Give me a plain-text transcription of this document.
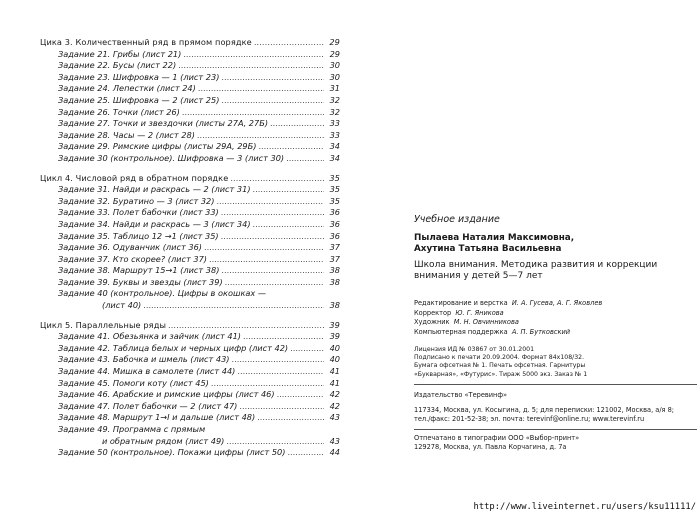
Цика 3. Количественный ряд в прямом порядке .....	29
Задание 21. Грибы (лист 21) .....	29
Задание 22. Бусы (лист 22) .....	30
Задание 23. Шифровка — 1 (лист 23) .....	30
Задание 24. Лепестки (лист 24) .....	31
Задание 25. Шифровка — 2 (лист 25) .....	32
Задание 26. Точки (лист 26) .....	32
Задание 27. Точки и звездочки (листы 27А, 27Б) .....	33
Задание 28. Часы — 2 (лист 28) .....	33
Задание 29. Римские цифры (листы 29А, 29Б) .....	34
Задание 30 (контрольное). Шифровка — 3 (лист 30) .....	34
Цикл 4. Числовой ряд в обратном порядке .....	35
Задание 31. Найди и раскрась — 2 (лист 31) .....	35
Задание 32. Буратино — 3 (лист 32) .....	35
Задание 33. Полет бабочки (лист 33) .....	36
Задание 34. Найди и раскрась — 3 (лист 34) .....	36
Задание 35. Таблицо 12 →1 (лист 35) .....	36
Задание 36. Одуванчик (лист 36) .....	37
Задание 37. Кто скорее? (лист 37) .....	37
Задание 38. Маршрут 15→1 (лист 38) .....	38
Задание 39. Буквы и звезды (лист 39) .....	38
Задание 40 (контрольное). Цифры в окошках —
(лист 40) .....	38
Цикл 5. Параллельные ряды .....	39
Задание 41. Обезьянка и зайчик (лист 41) .....	39
Задание 42. Таблица белых и черных цифр (лист 42) .....	40
Задание 43. Бабочка и шмель (лист 43) .....	40
Задание 44. Мишка в самолете (лист 44) .....	41
Задание 45. Помоги коту (лист 45) .....	41
Задание 46. Арабские и римские цифры (лист 46) .....	42
Задание 47. Полет бабочки — 2 (лист 47) .....	42
Задание 48. Маршрут 1→I и дальше (лист 48) .....	43
Задание 49. Программа с прямым
и обратным рядом (лист 49) .....	43
Задание 50 (контрольное). Покажи цифры (лист 50) .....	44
Учебное издание
Пылаева Наталия Максимовна,
Ахутина Татьяна Васильевна
Школа внимания. Методика развития и коррекции
внимания у детей 5—7 лет
Редактирование и верстка И. А. Гусева, А. Г. Яковлев
Корректор Ю. Г. Яникова
Художник М. Н. Овчинникова
Компьютерная поддержка А. П. Бутковский
Лицензия ИД № 03867 от 30.01.2001
Подписано к печати 20.09.2004. Формат 84х108/32.
Бумага офсетная № 1. Печать офсетная. Гарнитуры
«Букварная», «Футурис». Тираж 5000 экз. Заказ № 1
Издательство «Теревинф»
117334, Москва, ул. Косыгина, д. 5; для переписки: 121002, Москва, а/я 8;
тел./факс: 201-52-38; эл. почта: terevinf@online.ru; www.terevinf.ru
Отпечатано в типографии ООО «Выбор-принт»
129278, Москва, ул. Павла Корчагина, д. 7а
http://www.liveinternet.ru/users/ksu11111/
